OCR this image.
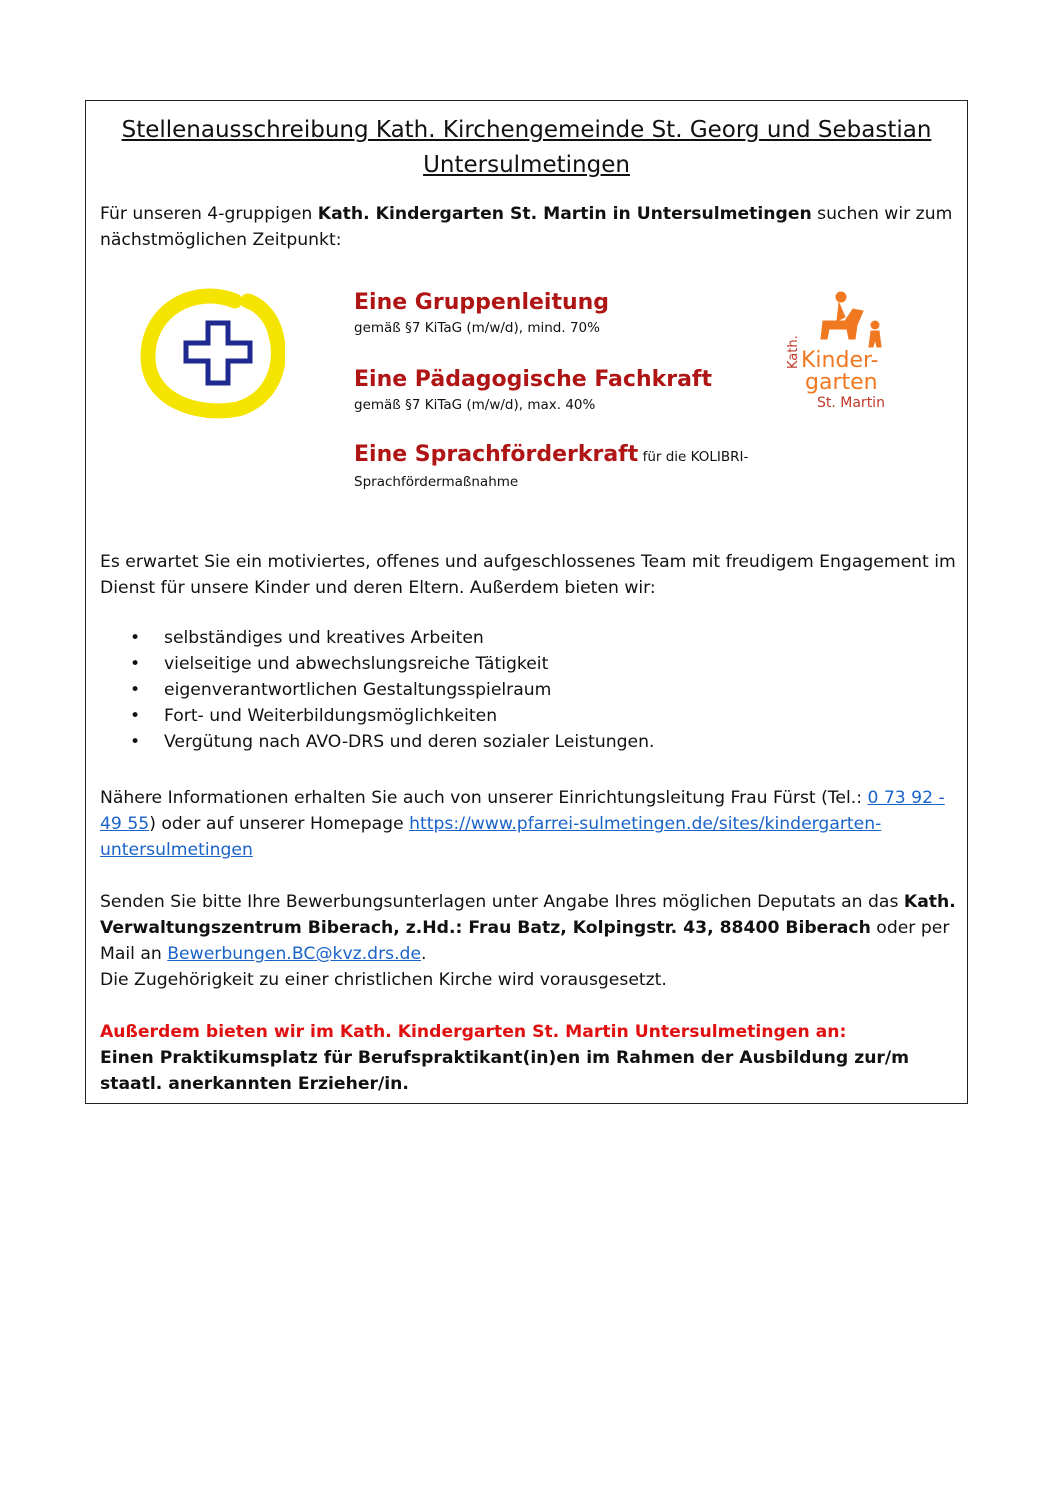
Stellenausschreibung Kath. Kirchengemeinde St. Georg und Sebastian
Untersulmetingen
Für unseren 4-gruppigen Kath. Kindergarten St. Martin in Untersulmetingen suchen wir zum nächstmöglichen Zeitpunkt:
Eine Gruppenleitung
gemäß §7 KiTaG (m/w/d), mind. 70%
Eine Pädagogische Fachkraft
gemäß §7 KiTaG (m/w/d), max. 40%
Eine Sprachförderkraft für die KOLIBRI-
Sprachfördermaßnahme
Kath. Kinder-
garten
St. Martin
Es erwartet Sie ein motiviertes, offenes und aufgeschlossenes Team mit freudigem Engagement im Dienst für unsere Kinder und deren Eltern. Außerdem bieten wir:
• selbständiges und kreatives Arbeiten
• vielseitige und abwechslungsreiche Tätigkeit
• eigenverantwortlichen Gestaltungsspielraum
• Fort- und Weiterbildungsmöglichkeiten
• Vergütung nach AVO-DRS und deren sozialer Leistungen.
Nähere Informationen erhalten Sie auch von unserer Einrichtungsleitung Frau Fürst (Tel.: 0 73 92 - 49 55) oder auf unserer Homepage https://www.pfarrei-sulmetingen.de/sites/kindergarten-untersulmetingen
Senden Sie bitte Ihre Bewerbungsunterlagen unter Angabe Ihres möglichen Deputats an das Kath. Verwaltungszentrum Biberach, z.Hd.: Frau Batz, Kolpingstr. 43, 88400 Biberach oder per Mail an Bewerbungen.BC@kvz.drs.de.
Die Zugehörigkeit zu einer christlichen Kirche wird vorausgesetzt.
Außerdem bieten wir im Kath. Kindergarten St. Martin Untersulmetingen an:
Einen Praktikumsplatz für Berufspraktikant(in)en im Rahmen der Ausbildung zur/m staatl. anerkannten Erzieher/in.
